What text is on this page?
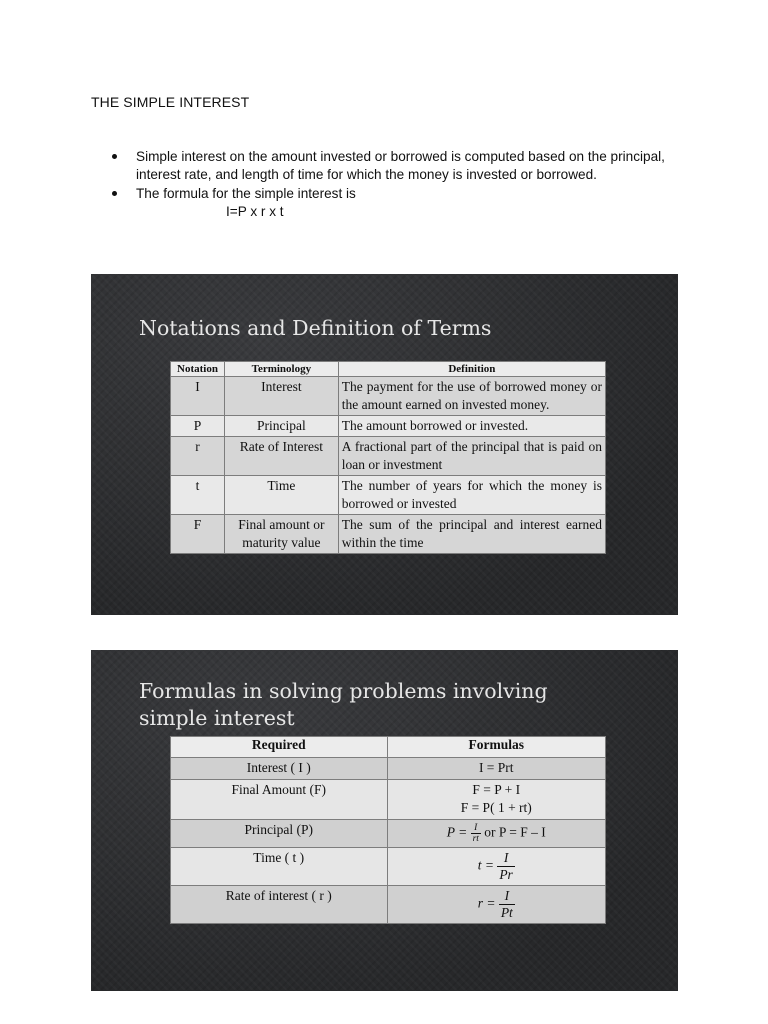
THE SIMPLE INTEREST
Simple interest on the amount invested or borrowed is computed based on the principal, interest rate, and length of time for which the money is invested or borrowed.
The formula for the simple interest is
I=P x r x t
Notations and Definition of Terms
Notation	Terminology	Definition
I	Interest	The payment for the use of borrowed money or the amount earned on invested money.
P	Principal	The amount borrowed or invested.
r	Rate of Interest	A fractional part of the principal that is paid on loan or investment
t	Time	The number of years for which the money is borrowed or invested
F	Final amount or maturity value	The sum of the principal and interest earned within the time
Formulas in solving problems involving simple interest
Required	Formulas
Interest ( I )	I = Prt
Final Amount (F)	F = P + I
F = P( 1 + rt)

Principal (P)	$P = \frac{I}{rt}$ or P = F – I
Time ( t )	$t = \frac{I}{Pr}$

Rate of interest ( r )	$r = \frac{I}{Pt}$
